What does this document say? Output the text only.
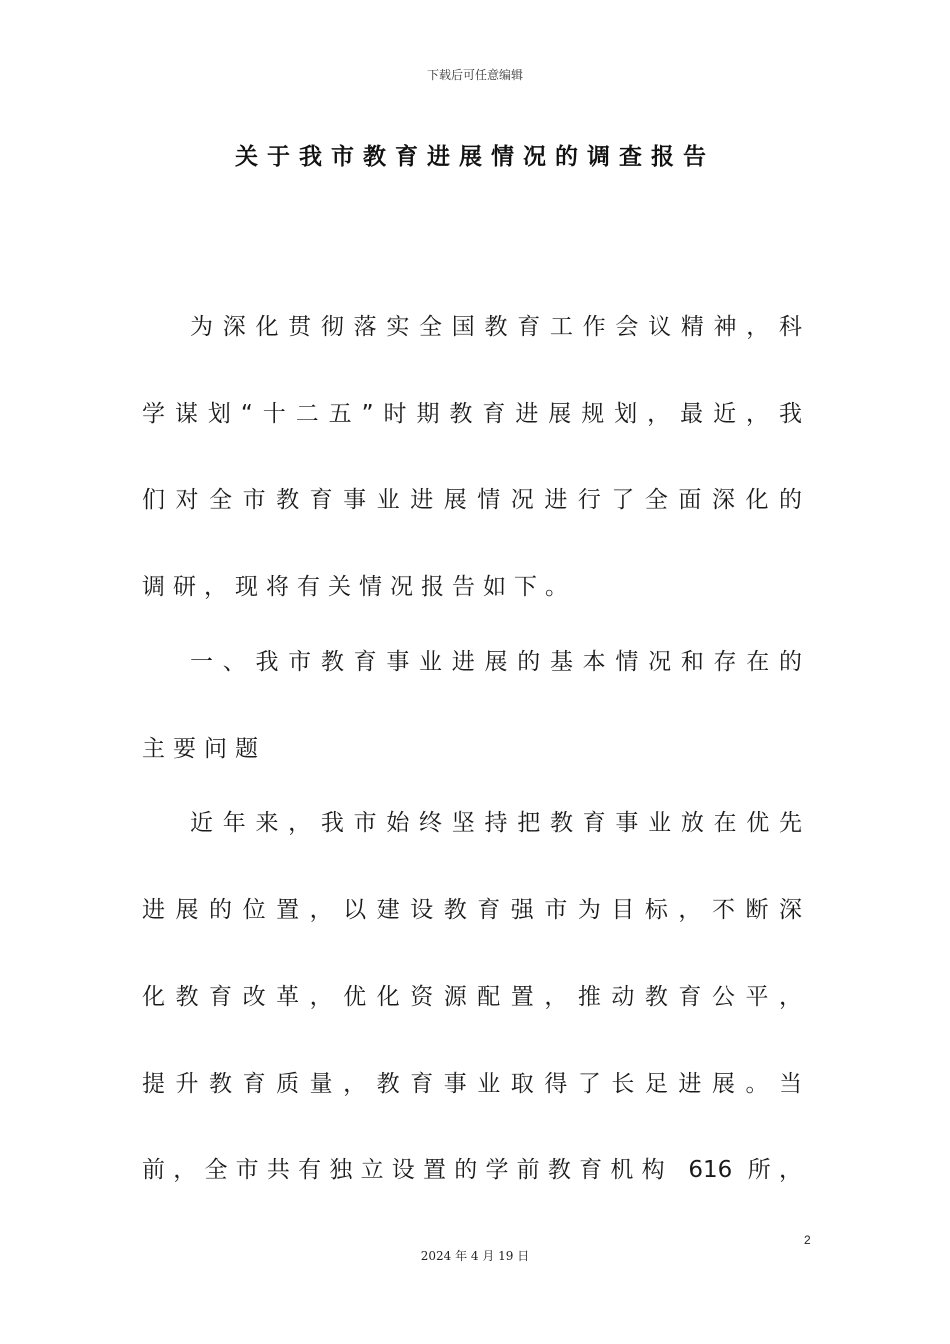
下载后可任意编辑
关于我市教育进展情况的调查报告
为深化贯彻落实全国教育工作会议精神，科
学谋划“十二五”时期教育进展规划，最近，我
们对全市教育事业进展情况进行了全面深化的
调研，现将有关情况报告如下。
一、我市教育事业进展的基本情况和存在的
主要问题
近年来，我市始终坚持把教育事业放在优先
进展的位置，以建设教育强市为目标，不断深
化教育改革，优化资源配置，推动教育公平，
提升教育质量，教育事业取得了长足进展。当
前，全市共有独立设置的学前教育机构 616 所，
2
2024 年 4 月 19 日
